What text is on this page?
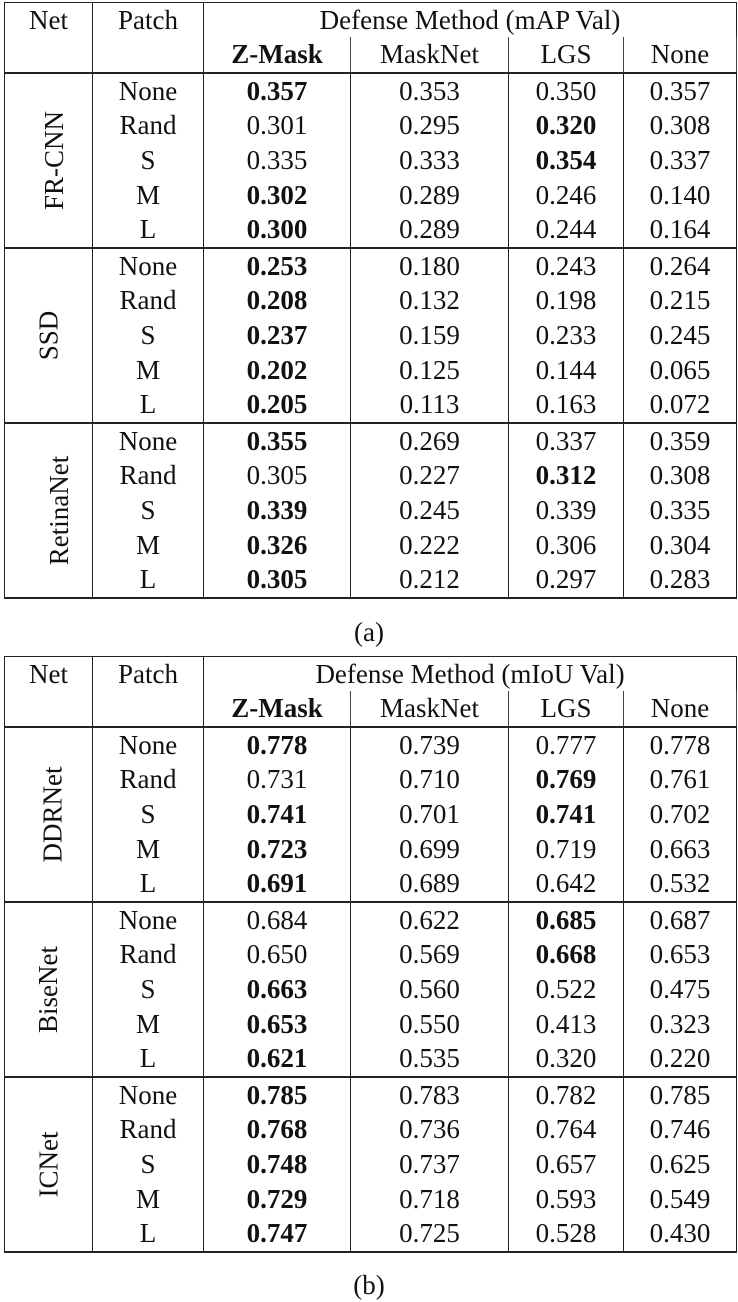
Net	Patch	Defense Method (mAP Val)			
		Z-Mask	MaskNet	LGS	None
FR-CNN	None	0.357	0.353	0.350	0.357
	Rand	0.301	0.295	0.320	0.308
	S	0.335	0.333	0.354	0.337
	M	0.302	0.289	0.246	0.140
	L	0.300	0.289	0.244	0.164
SSD	None	0.253	0.180	0.243	0.264
	Rand	0.208	0.132	0.198	0.215
	S	0.237	0.159	0.233	0.245
	M	0.202	0.125	0.144	0.065
	L	0.205	0.113	0.163	0.072
RetinaNet	None	0.355	0.269	0.337	0.359
	Rand	0.305	0.227	0.312	0.308
	S	0.339	0.245	0.339	0.335
	M	0.326	0.222	0.306	0.304
	L	0.305	0.212	0.297	0.283
(a)
Net	Patch	Defense Method (mIoU Val)			
		Z-Mask	MaskNet	LGS	None
DDRNet	None	0.778	0.739	0.777	0.778
	Rand	0.731	0.710	0.769	0.761
	S	0.741	0.701	0.741	0.702
	M	0.723	0.699	0.719	0.663
	L	0.691	0.689	0.642	0.532
BiseNet	None	0.684	0.622	0.685	0.687
	Rand	0.650	0.569	0.668	0.653
	S	0.663	0.560	0.522	0.475
	M	0.653	0.550	0.413	0.323
	L	0.621	0.535	0.320	0.220
ICNet	None	0.785	0.783	0.782	0.785
	Rand	0.768	0.736	0.764	0.746
	S	0.748	0.737	0.657	0.625
	M	0.729	0.718	0.593	0.549
	L	0.747	0.725	0.528	0.430
(b)
